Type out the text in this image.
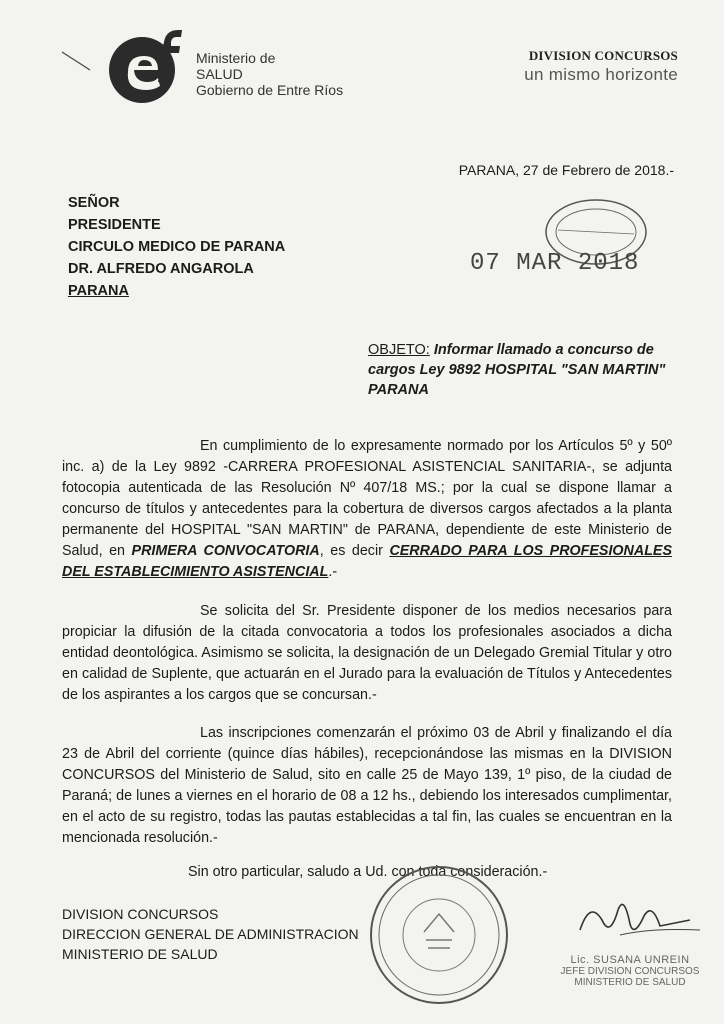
Ministerio de
SALUD
Gobierno de Entre Ríos
DIVISION CONCURSOS
un mismo horizonte
PARANA, 27 de Febrero de 2018.-
SEÑOR
PRESIDENTE
CIRCULO MEDICO DE PARANA
DR. ALFREDO ANGAROLA
PARANA
07 MAR 2018
OBJETO: Informar llamado a concurso de cargos Ley 9892 HOSPITAL "SAN MARTIN" PARANA
En cumplimiento de lo expresamente normado por los Artículos 5º y 50º inc. a) de la Ley 9892 -CARRERA PROFESIONAL ASISTENCIAL SANITARIA-, se adjunta fotocopia autenticada de las Resolución Nº 407/18 MS.; por la cual se dispone llamar a concurso de títulos y antecedentes para la cobertura de diversos cargos afectados a la planta permanente del HOSPITAL "SAN MARTIN" de PARANA, dependiente de este Ministerio de Salud, en PRIMERA CONVOCATORIA, es decir CERRADO PARA LOS PROFESIONALES DEL ESTABLECIMIENTO ASISTENCIAL.-
Se solicita del Sr. Presidente disponer de los medios necesarios para propiciar la difusión de la citada convocatoria a todos los profesionales asociados a dicha entidad deontológica. Asimismo se solicita, la designación de un Delegado Gremial Titular y otro en calidad de Suplente, que actuarán en el Jurado para la evaluación de Títulos y Antecedentes de los aspirantes a los cargos que se concursan.-
Las inscripciones comenzarán el próximo 03 de Abril y finalizando el día 23 de Abril del corriente (quince días hábiles), recepcionándose las mismas en la DIVISION CONCURSOS del Ministerio de Salud, sito en calle 25 de Mayo 139, 1º piso, de la ciudad de Paraná; de lunes a viernes en el horario de 08 a 12 hs., debiendo los interesados cumplimentar, en el acto de su registro, todas las pautas establecidas a tal fin, las cuales se encuentran en la mencionada resolución.-
Sin otro particular, saludo a Ud. con toda consideración.-
DIVISION CONCURSOS
DIRECCION GENERAL DE ADMINISTRACION
MINISTERIO DE SALUD	Lic. SUSANA UNREIN
JEFE DIVISION CONCURSOS
MINISTERIO DE SALUD
